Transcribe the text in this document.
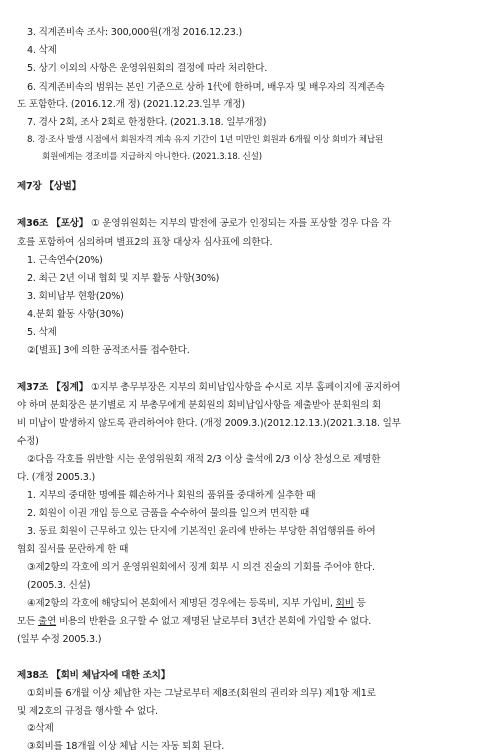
3. 직계존비속 조사: 300,000원(개정 2016.12.23.)
4. 삭제
5. 상기 이외의 사항은 운영위원회의 결정에 따라 처리한다.
6. 직계존비속의 범위는 본인 기준으로 상하 1代에 한하며, 배우자 및 배우자의 직계존속
도 포함한다. (2016.12.개 정) (2021.12.23.일부 개정)
7. 경사 2회, 조사 2회로 한정한다. (2021.3.18. 일부개정)
8. 경·조사 발생 시점에서 회원자격 계속 유지 기간이 1년 미만인 회원과 6개월 이상 회비가 체납된
회원에게는 경조비를 지급하지 아니한다. (2021.3.18. 신설)
제7장 【상벌】
제36조 【포상】 ① 운영위원회는 지부의 발전에 공로가 인정되는 자를 포상할 경우 다음 각
호를 포함하여 심의하며 별표2의 표창 대상자 심사표에 의한다.
1. 근속연수(20%)
2. 최근 2년 이내 협회 및 지부 활동 사항(30%)
3. 회비납부 현황(20%)
4.분회 활동 사항(30%)
5. 삭제
②[별표] 3에 의한 공적조서를 접수한다.
제37조 【징계】 ①지부 총무부장은 지부의 회비납입사항을 수시로 지부 홈페이지에 공지하여
야 하며 분회장은 분기별로 지 부총무에게 분회원의 회비납입사항을 제출받아 분회원의 회
비 미납이 발생하지 않도록 관리하여야 한다. (개정 2009.3.)(2012.12.13.)(2021.3.18. 일부
수정)
②다음 각호를 위반할 시는 운영위원회 재적 2/3 이상 출석에 2/3 이상 찬성으로 제명한
다. (개정 2005.3.)
1. 지부의 중대한 명예를 훼손하거나 회원의 품위를 중대하게 실추한 때
2. 회원이 이권 개입 등으로 금품을 수수하여 물의를 일으켜 면직한 때
3. 동료 회원이 근무하고 있는 단지에 기본적인 윤리에 반하는 부당한 취업행위를 하여
협회 질서를 문란하게 한 때
③제2항의 각호에 의거 운영위원회에서 징계 회부 시 의견 진술의 기회를 주어야 한다.
(2005.3. 신설)
④제2항의 각호에 해당되어 본회에서 제명된 경우에는 등록비, 지부 가입비, 회비 등
모든 출연 비용의 반환을 요구할 수 없고 제명된 날로부터 3년간 본회에 가입할 수 없다.
(일부 수정 2005.3.)
제38조 【회비 체납자에 대한 조치】
①회비를 6개월 이상 체납한 자는 그날로부터 제8조(회원의 권리와 의무) 제1항 제1로
및 제2호의 규정을 행사할 수 없다.
②삭제
③회비를 18개월 이상 체납 시는 자동 퇴회 된다.
